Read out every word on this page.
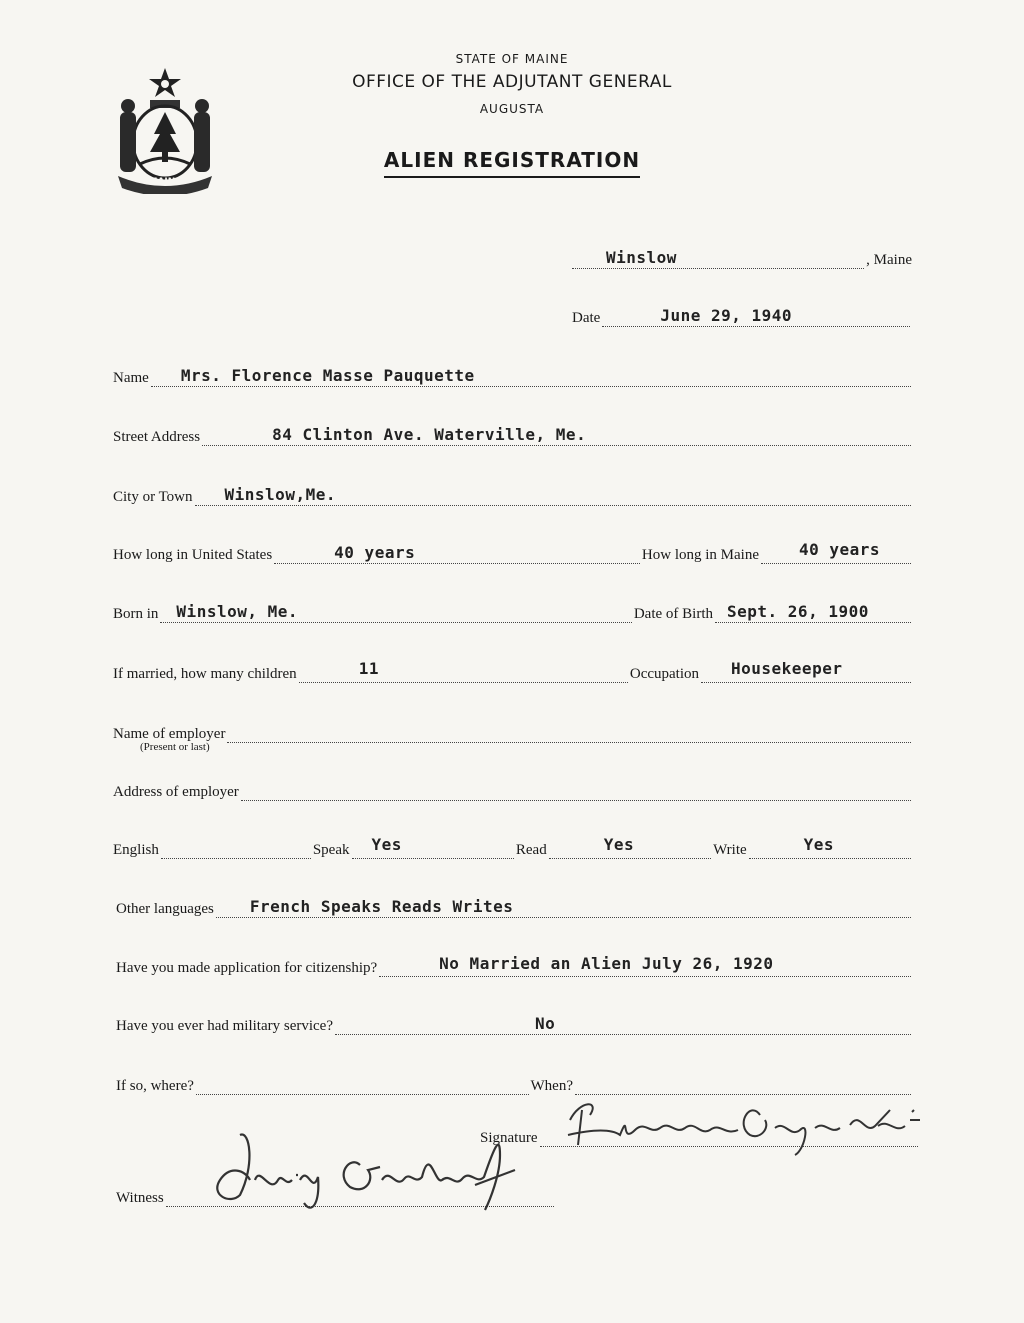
MAINE
STATE OF MAINE
OFFICE OF THE ADJUTANT GENERAL
AUGUSTA
ALIEN REGISTRATION
Winslow	, Maine
Date	June 29, 1940
Name Mrs. Florence Masse Pauquette
Street Address	84 Clinton Ave. Waterville, Me.
City or Town Winslow,Me.
How long in United States	40 years	How long in Maine	40 years
Born in Winslow, Me.	Date of Birth Sept. 26, 1900
If married, how many children	11	Occupation Housekeeper
Name of employer
(Present or last)
Address of employer
English	Speak Yes	Read	Yes	Write	Yes
Other languages French Speaks Reads Writes
Have you made application for citizenship?	No Married an Alien July 26, 1920
Have you ever had military service?	No
If so, where?	When?
Signature
Witness
